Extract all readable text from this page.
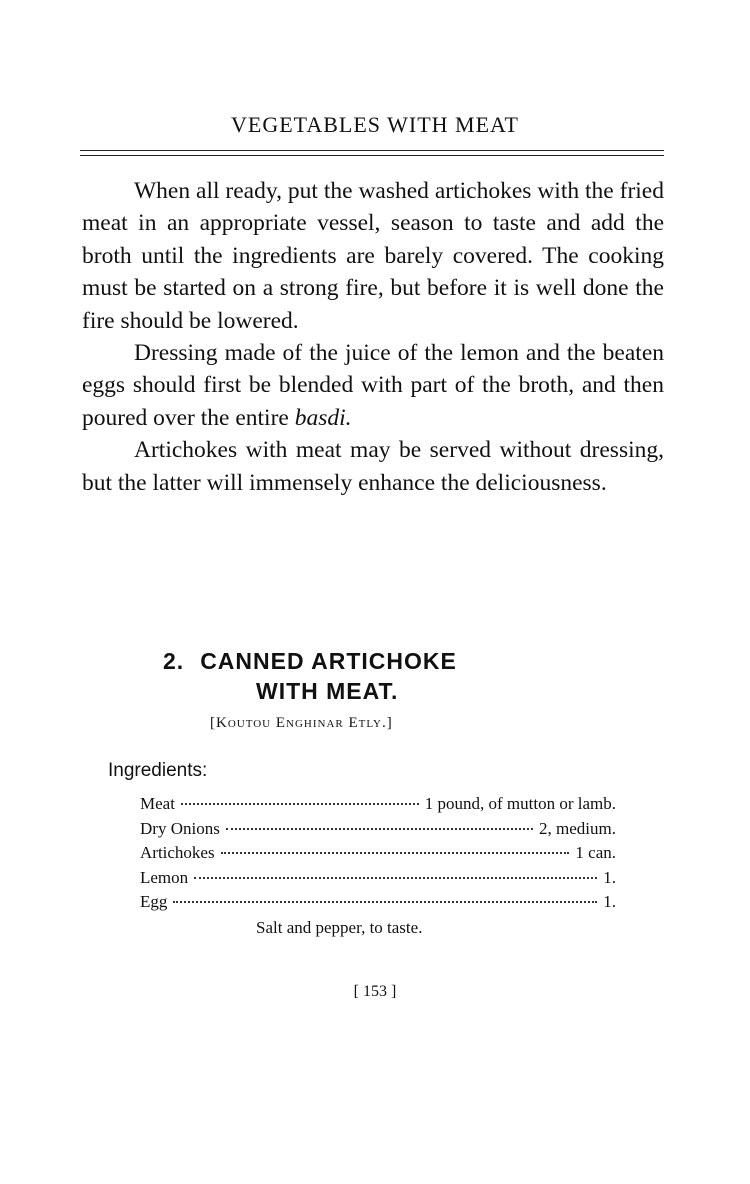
VEGETABLES WITH MEAT

When all ready, put the washed artichokes with the fried meat in an appropriate vessel, season to taste and add the broth until the ingredients are barely covered. The cooking must be started on a strong fire, but before it is well done the fire should be lowered.

Dressing made of the juice of the lemon and the beaten eggs should first be blended with part of the broth, and then poured over the entire basdi.

Artichokes with meat may be served without dressing, but the latter will immensely enhance the deliciousness.

2. CANNED ARTICHOKE
WITH MEAT.
[Koutou Enghinar Etly.]
Ingredients:
Meat	1 pound, of mutton or lamb.
Dry Onions	2, medium.
Artichokes	1 can.
Lemon	1.
Egg	1.
Salt and pepper, to taste.
[ 153 ]
